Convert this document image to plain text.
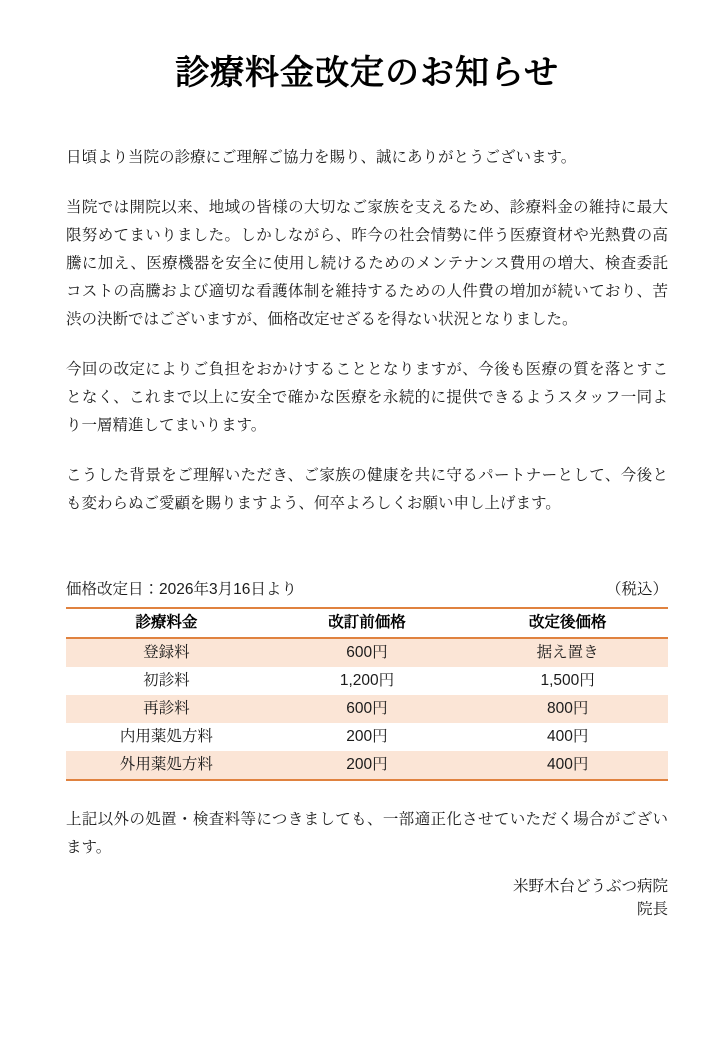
診療料金改定のお知らせ

日頃より当院の診療にご理解ご協力を賜り、誠にありがとうございます。

当院では開院以来、地域の皆様の大切なご家族を支えるため、診療料金の維持に最大限努めてまいりました。しかしながら、昨今の社会情勢に伴う医療資材や光熱費の高騰に加え、医療機器を安全に使用し続けるためのメンテナンス費用の増大、検査委託コストの高騰および適切な看護体制を維持するための人件費の増加が続いており、苦渋の決断ではございますが、価格改定せざるを得ない状況となりました。

今回の改定によりご負担をおかけすることとなりますが、今後も医療の質を落とすことなく、これまで以上に安全で確かな医療を永続的に提供できるようスタッフ一同より一層精進してまいります。

こうした背景をご理解いただき、ご家族の健康を共に守るパートナーとして、今後とも変わらぬご愛顧を賜りますよう、何卒よろしくお願い申し上げます。

価格改定日：2026年3月16日より	（税込）
診療料金	改訂前価格	改定後価格
登録料	600円	据え置き
初診料	1,200円	1,500円
再診料	600円	800円
内用薬処方料	200円	400円
外用薬処方料	200円	400円

上記以外の処置・検査料等につきましても、一部適正化させていただく場合がございます。

米野木台どうぶつ病院
院長
